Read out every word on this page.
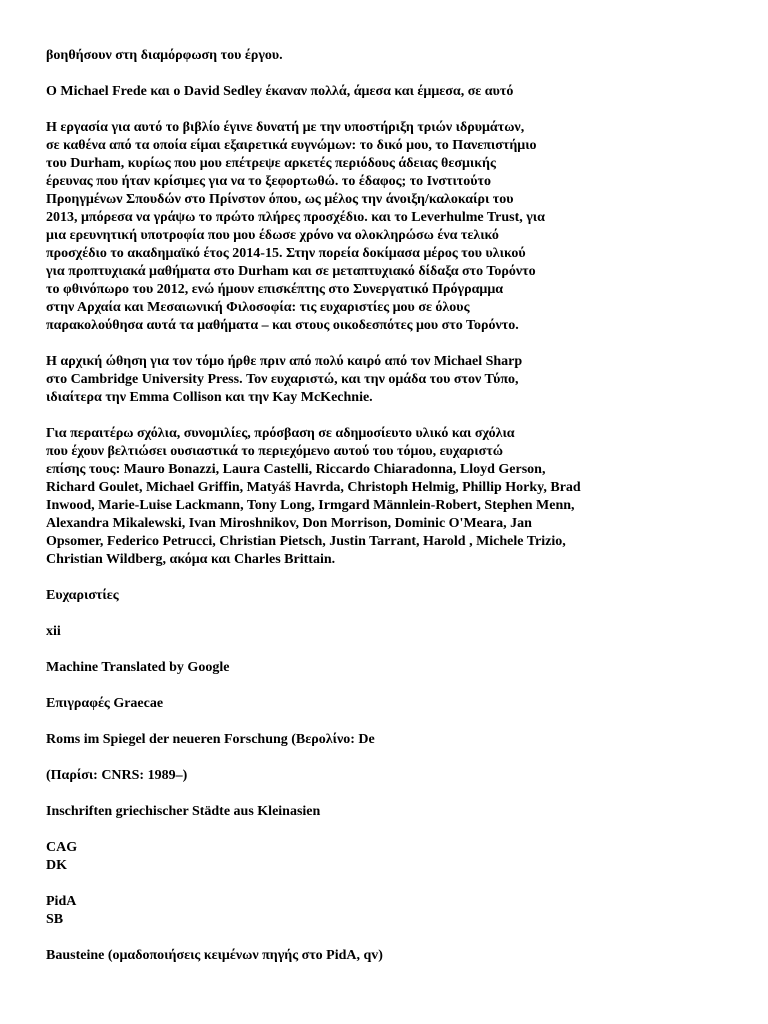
βοηθήσουν στη διαμόρφωση του έργου.

Ο Michael Frede και ο David Sedley έκαναν πολλά, άμεσα και έμμεσα, σε αυτό

Η εργασία για αυτό το βιβλίο έγινε δυνατή με την υποστήριξη τριών ιδρυμάτων,
σε καθένα από τα οποία είμαι εξαιρετικά ευγνώμων: το δικό μου, το Πανεπιστήμιο
του Durham, κυρίως που μου επέτρεψε αρκετές περιόδους άδειας θεσμικής
έρευνας που ήταν κρίσιμες για να το ξεφορτωθώ. το έδαφος; το Ινστιτούτο
Προηγμένων Σπουδών στο Πρίνστον όπου, ως μέλος την άνοιξη/καλοκαίρι του
2013, μπόρεσα να γράψω το πρώτο πλήρες προσχέδιο. και το Leverhulme Trust, για
μια ερευνητική υποτροφία που μου έδωσε χρόνο να ολοκληρώσω ένα τελικό
προσχέδιο το ακαδημαϊκό έτος 2014-15. Στην πορεία δοκίμασα μέρος του υλικού
για προπτυχιακά μαθήματα στο Durham και σε μεταπτυχιακό δίδαξα στο Τορόντο
το φθινόπωρο του 2012, ενώ ήμουν επισκέπτης στο Συνεργατικό Πρόγραμμα
στην Αρχαία και Μεσαιωνική Φιλοσοφία: τις ευχαριστίες μου σε όλους
παρακολούθησα αυτά τα μαθήματα – και στους οικοδεσπότες μου στο Τορόντο.

Η αρχική ώθηση για τον τόμο ήρθε πριν από πολύ καιρό από τον Michael Sharp
στο Cambridge University Press. Τον ευχαριστώ, και την ομάδα του στον Τύπο,
ιδιαίτερα την Emma Collison και την Kay McKechnie.

Για περαιτέρω σχόλια, συνομιλίες, πρόσβαση σε αδημοσίευτο υλικό και σχόλια
που έχουν βελτιώσει ουσιαστικά το περιεχόμενο αυτού του τόμου, ευχαριστώ
επίσης τους: Mauro Bonazzi, Laura Castelli, Riccardo Chiaradonna, Lloyd Gerson,
Richard Goulet, Michael Griffin, Matyáš Havrda, Christoph Helmig, Phillip Horky, Brad
Inwood, Marie-Luise Lackmann, Tony Long, Irmgard Männlein-Robert, Stephen Menn,
Alexandra Mikalewski, Ivan Miroshnikov, Don Morrison, Dominic O'Meara, Jan
Opsomer, Federico Petrucci, Christian Pietsch, Justin Tarrant, Harold , Michele Trizio,
Christian Wildberg, ακόμα και Charles Brittain.

Ευχαριστίες

xii

Machine Translated by Google

Επιγραφές Graecae

Roms im Spiegel der neueren Forschung (Βερολίνο: De

(Παρίσι: CNRS: 1989–)

Inschriften griechischer Städte aus Kleinasien

CAG
DK

PidA
SB

Bausteine (ομαδοποιήσεις κειμένων πηγής στο PidA, qv)
